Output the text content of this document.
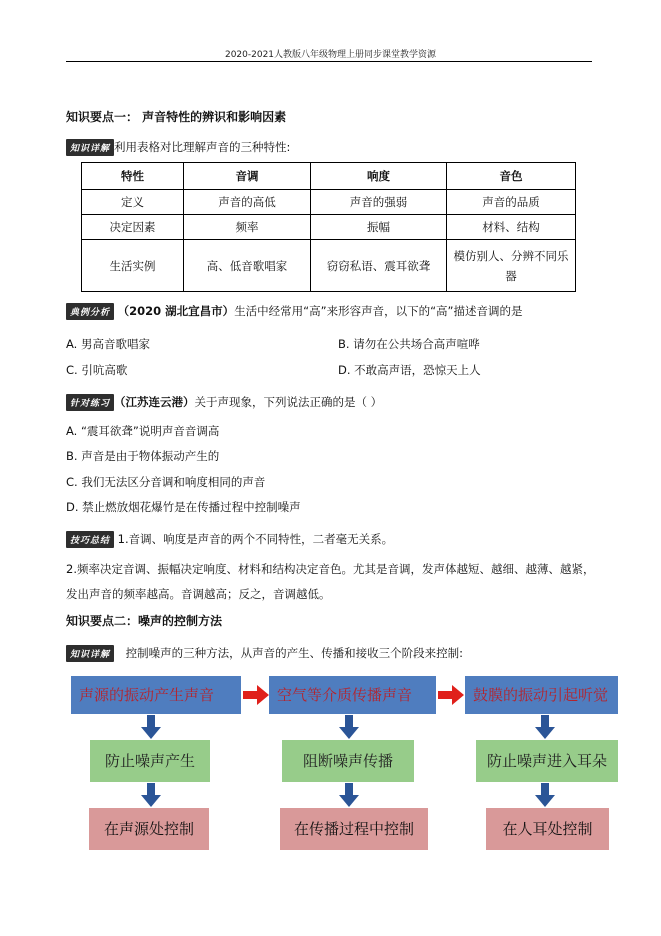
2020-2021人教版八年级物理上册同步课堂教学资源
知识要点一： 声音特性的辨识和影响因素
知识详解 利用表格对比理解声音的三种特性:
特性	音调	响度	音色
定义	声音的高低	声音的强弱	声音的品质
决定因素	频率	振幅	材料、结构
生活实例	高、低音歌唱家	窃窃私语、震耳欲聋	模仿别人、分辨不同乐器
典例分析 （2020 湖北宜昌市）生活中经常用“高”来形容声音，以下的“高”描述音调的是
A. 男高音歌唱家	B. 请勿在公共场合高声喧哗
C. 引吭高歌	D. 不敢高声语，恐惊天上人
针对练习 （江苏连云港）关于声现象，下列说法正确的是（ ）
A. “震耳欲聋”说明声音音调高
B. 声音是由于物体振动产生的
C. 我们无法区分音调和响度相同的声音
D. 禁止燃放烟花爆竹是在传播过程中控制噪声
技巧总结 1.音调、响度是声音的两个不同特性，二者毫无关系。
2.频率决定音调、振幅决定响度、材料和结构决定音色。尤其是音调，发声体越短、越细、越薄、越紧，
发出声音的频率越高。音调越高；反之，音调越低。
知识要点二：噪声的控制方法
知识详解 控制噪声的三种方法，从声音的产生、传播和接收三个阶段来控制:
声源的振动产生声音	空气等介质传播声音	鼓膜的振动引起听觉
防止噪声产生	阻断噪声传播	防止噪声进入耳朵
在声源处控制	在传播过程中控制	在人耳处控制
